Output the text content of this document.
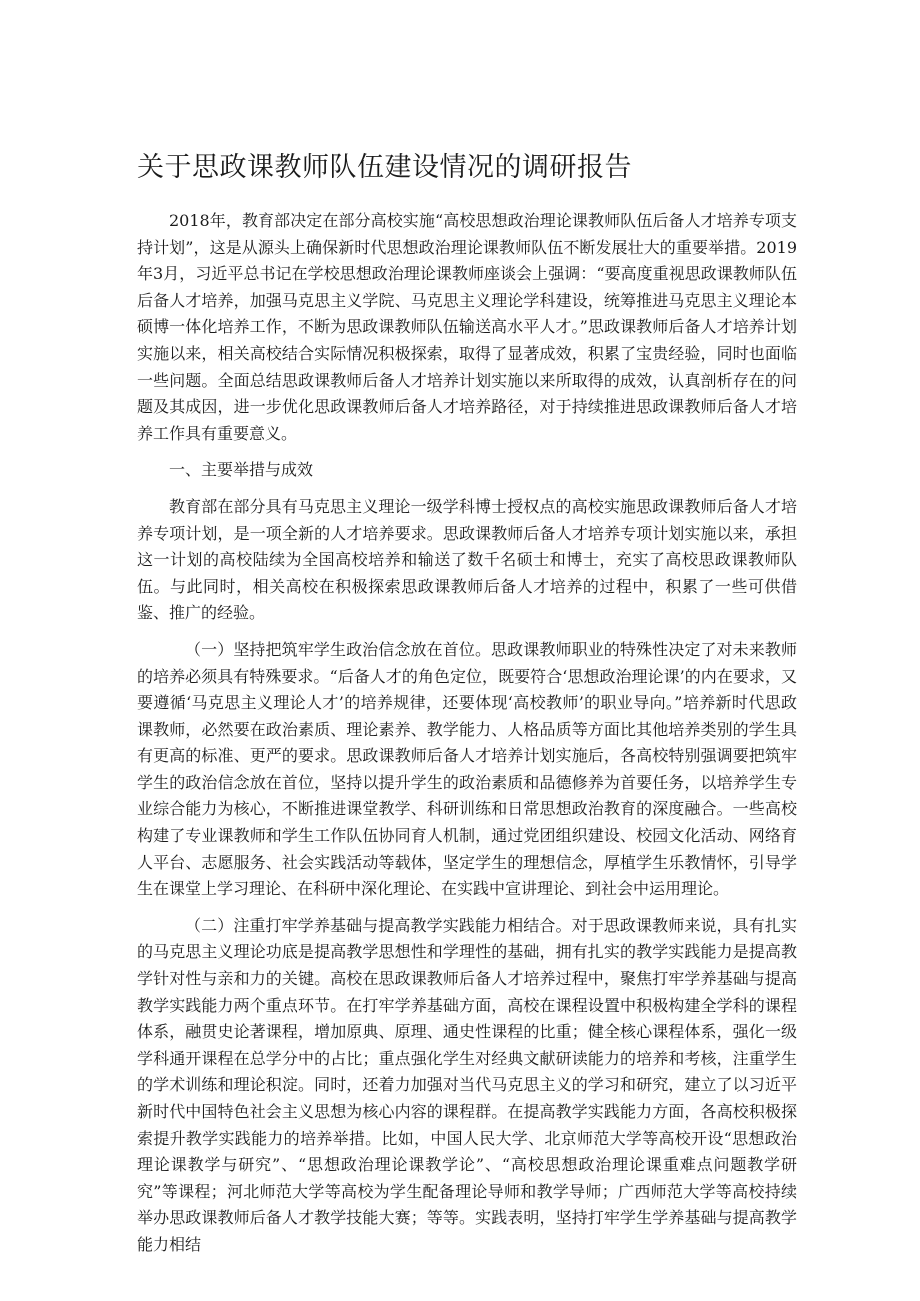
关于思政课教师队伍建设情况的调研报告

2018年，教育部决定在部分高校实施“高校思想政治理论课教师队伍后备人才培养专项支持计划”，这是从源头上确保新时代思想政治理论课教师队伍不断发展壮大的重要举措。2019年3月，习近平总书记在学校思想政治理论课教师座谈会上强调：“要高度重视思政课教师队伍后备人才培养，加强马克思主义学院、马克思主义理论学科建设，统筹推进马克思主义理论本硕博一体化培养工作，不断为思政课教师队伍输送高水平人才。”思政课教师后备人才培养计划实施以来，相关高校结合实际情况积极探索，取得了显著成效，积累了宝贵经验，同时也面临一些问题。全面总结思政课教师后备人才培养计划实施以来所取得的成效，认真剖析存在的问题及其成因，进一步优化思政课教师后备人才培养路径，对于持续推进思政课教师后备人才培养工作具有重要意义。

一、主要举措与成效

教育部在部分具有马克思主义理论一级学科博士授权点的高校实施思政课教师后备人才培养专项计划，是一项全新的人才培养要求。思政课教师后备人才培养专项计划实施以来，承担这一计划的高校陆续为全国高校培养和输送了数千名硕士和博士，充实了高校思政课教师队伍。与此同时，相关高校在积极探索思政课教师后备人才培养的过程中，积累了一些可供借鉴、推广的经验。

（一）坚持把筑牢学生政治信念放在首位。思政课教师职业的特殊性决定了对未来教师的培养必须具有特殊要求。“后备人才的角色定位，既要符合‘思想政治理论课’的内在要求，又要遵循‘马克思主义理论人才’的培养规律，还要体现‘高校教师’的职业导向。”培养新时代思政课教师，必然要在政治素质、理论素养、教学能力、人格品质等方面比其他培养类别的学生具有更高的标准、更严的要求。思政课教师后备人才培养计划实施后，各高校特别强调要把筑牢学生的政治信念放在首位，坚持以提升学生的政治素质和品德修养为首要任务，以培养学生专业综合能力为核心，不断推进课堂教学、科研训练和日常思想政治教育的深度融合。一些高校构建了专业课教师和学生工作队伍协同育人机制，通过党团组织建设、校园文化活动、网络育人平台、志愿服务、社会实践活动等载体，坚定学生的理想信念，厚植学生乐教情怀，引导学生在课堂上学习理论、在科研中深化理论、在实践中宣讲理论、到社会中运用理论。

（二）注重打牢学养基础与提高教学实践能力相结合。对于思政课教师来说，具有扎实的马克思主义理论功底是提高教学思想性和学理性的基础，拥有扎实的教学实践能力是提高教学针对性与亲和力的关键。高校在思政课教师后备人才培养过程中，聚焦打牢学养基础与提高教学实践能力两个重点环节。在打牢学养基础方面，高校在课程设置中积极构建全学科的课程体系，融贯史论著课程，增加原典、原理、通史性课程的比重；健全核心课程体系，强化一级学科通开课程在总学分中的占比；重点强化学生对经典文献研读能力的培养和考核，注重学生的学术训练和理论积淀。同时，还着力加强对当代马克思主义的学习和研究，建立了以习近平新时代中国特色社会主义思想为核心内容的课程群。在提高教学实践能力方面，各高校积极探索提升教学实践能力的培养举措。比如，中国人民大学、北京师范大学等高校开设“思想政治理论课教学与研究”、“思想政治理论课教学论”、“高校思想政治理论课重难点问题教学研究”等课程；河北师范大学等高校为学生配备理论导师和教学导师；广西师范大学等高校持续举办思政课教师后备人才教学技能大赛；等等。实践表明，坚持打牢学生学养基础与提高教学能力相结
